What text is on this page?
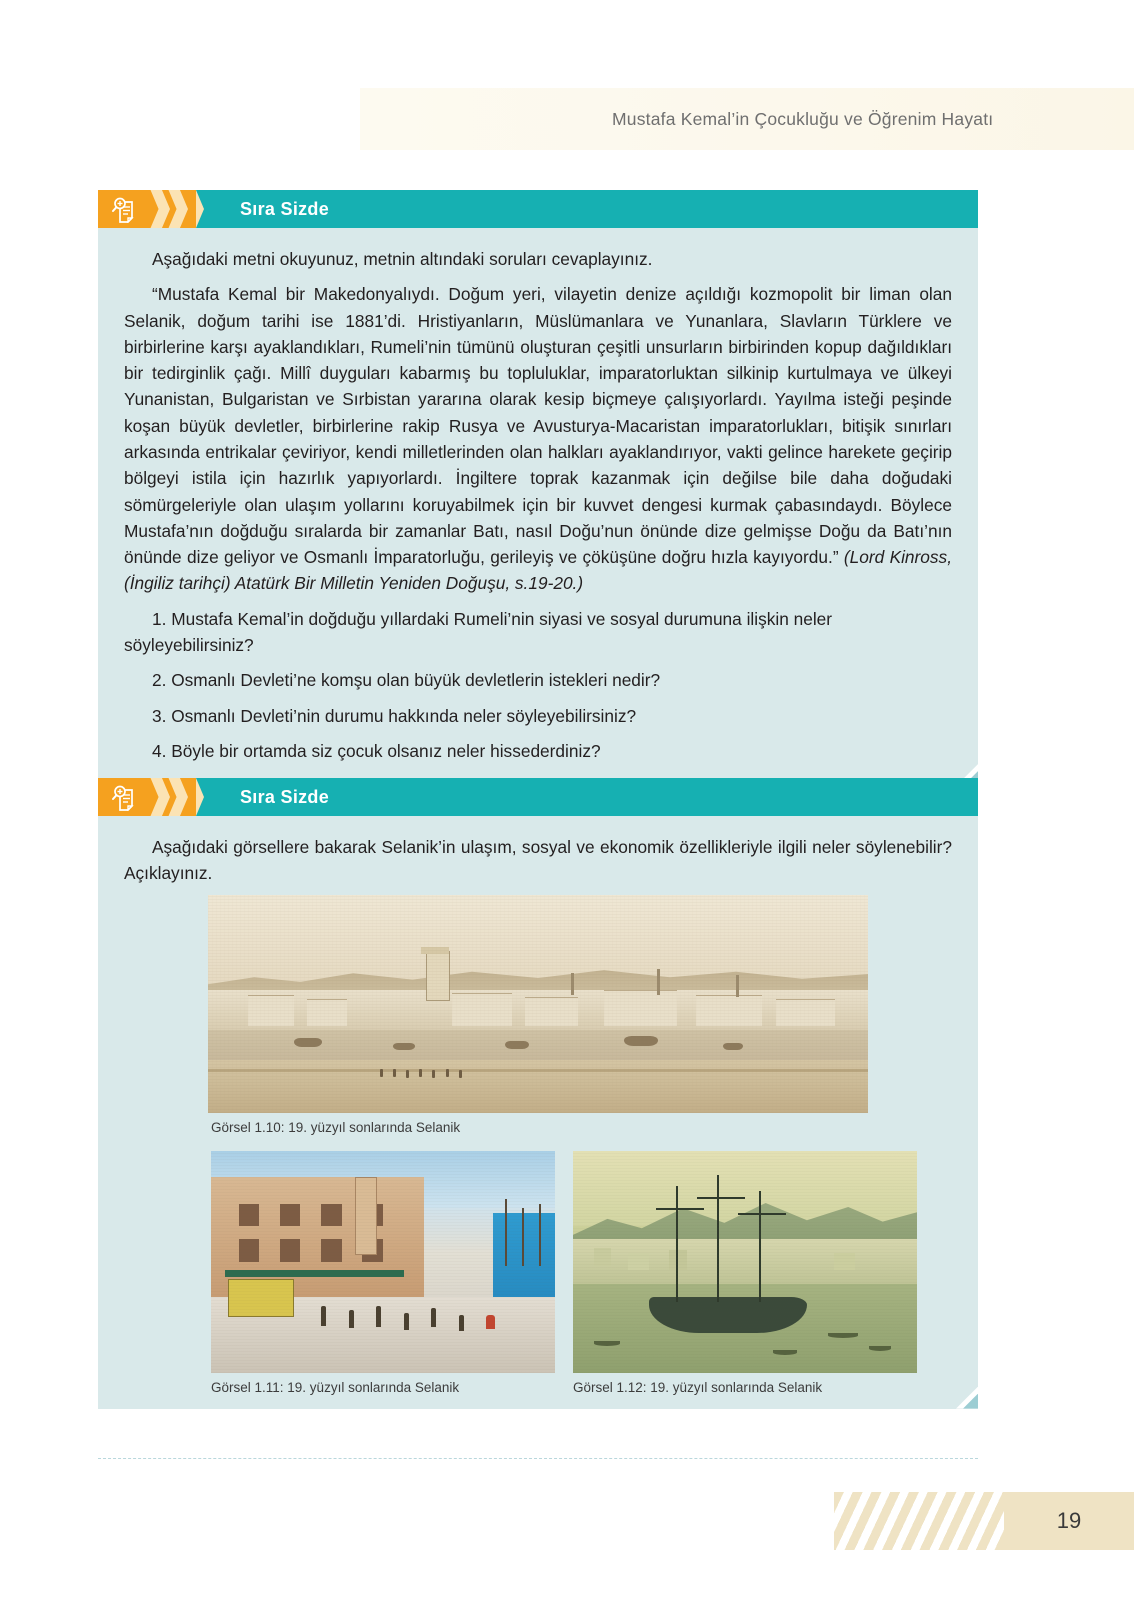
Mustafa Kemal’in Çocukluğu ve Öğrenim Hayatı
Sıra Sizde

Aşağıdaki metni okuyunuz, metnin altındaki soruları cevaplayınız.

“Mustafa Kemal bir Makedonyalıydı. Doğum yeri, vilayetin denize açıldığı kozmopolit bir liman olan Selanik, doğum tarihi ise 1881’di. Hristiyanların, Müslümanlara ve Yunanlara, Slavların Türklere ve birbirlerine karşı ayaklandıkları, Rumeli’nin tümünü oluşturan çeşitli unsurların birbirinden kopup dağıldıkları bir tedirginlik çağı. Millî duyguları kabarmış bu topluluklar, imparatorluktan silkinip kurtulmaya ve ülkeyi Yunanistan, Bulgaristan ve Sırbistan yararına olarak kesip biçmeye çalışıyorlardı. Yayılma isteği peşinde koşan büyük devletler, birbirlerine rakip Rusya ve Avusturya-Macaristan imparatorlukları, bitişik sınırları arkasında entrikalar çeviriyor, kendi milletlerinden olan halkları ayaklandırıyor, vakti gelince harekete geçirip bölgeyi istila için hazırlık yapıyorlardı. İngiltere toprak kazanmak için değilse bile daha doğudaki sömürgeleriyle olan ulaşım yollarını koruyabilmek için bir kuvvet dengesi kurmak çabasındaydı. Böylece Mustafa’nın doğduğu sıralarda bir zamanlar Batı, nasıl Doğu’nun önünde dize gelmişse Doğu da Batı’nın önünde dize geliyor ve Osmanlı İmparatorluğu, gerileyiş ve çöküşüne doğru hızla kayıyordu.” (Lord Kinross, (İngiliz tarihçi) Atatürk Bir Milletin Yeniden Doğuşu, s.19-20.)

1. Mustafa Kemal’in doğduğu yıllardaki Rumeli’nin siyasi ve sosyal durumuna ilişkin neler söyleyebilirsiniz?

2. Osmanlı Devleti’ne komşu olan büyük devletlerin istekleri nedir?

3. Osmanlı Devleti’nin durumu hakkında neler söyleyebilirsiniz?

4. Böyle bir ortamda siz çocuk olsanız neler hissederdiniz?

Sıra Sizde

Aşağıdaki görsellere bakarak Selanik’in ulaşım, sosyal ve ekonomik özellikleriyle ilgili neler söylenebilir? Açıklayınız.

Görsel 1.10: 19. yüzyıl sonlarında Selanik

Görsel 1.11: 19. yüzyıl sonlarında Selanik	Görsel 1.12: 19. yüzyıl sonlarında Selanik

19
